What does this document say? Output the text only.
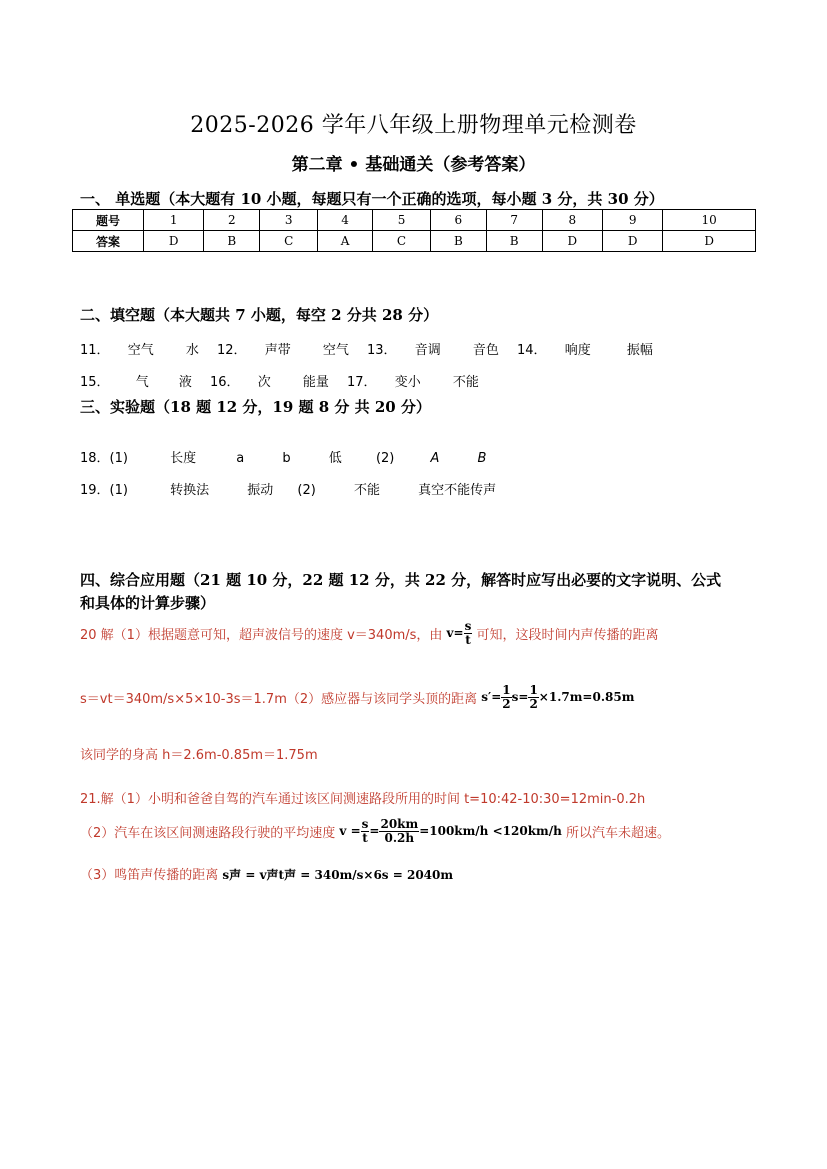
2025-2026 学年八年级上册物理单元检测卷
第二章 • 基础通关（参考答案）
一、 单选题（本大题有 10 小题，每题只有一个正确的选项，每小题 3 分，共 30 分）
题号	1	2	3	4	5	6	7	8	9	10
答案	D	B	C	A	C	B	B	D	D	D
二、填空题（本大题共 7 小题，每空 2 分共 28 分）
11． 空气 水 12． 声带 空气 13． 音调 音色 14． 响度	振幅
15． 气 液 16． 次 能量 17． 变小 不能
三、实验题（18 题 12 分，19 题 8 分 共 20 分）
18．(1)	长度	a	b	低	(2)	A	B
19．(1)	转换法	振动 (2)	不能	真空不能传声
四、综合应用题（21 题 10 分，22 题 12 分，共 22 分，解答时应写出必要的文字说明、公式
和具体的计算步骤）
20 解（1）根据题意可知，超声波信号的速度 v＝340m/s，由 $v= \frac{s}{t}$ 可知，这段时间内声传播的距离
s＝vt＝340m/s×5×10-3s＝1.7m（2）感应器与该同学头顶的距离 $s'= \frac{1}{2} s= \frac{1}{2} \times 1.7m=0.85m$
该同学的身高 h＝2.6m-0.85m＝1.75m
21.解（1）小明和爸爸自驾的汽车通过该区间测速路段所用的时间 t=10:42-10:30=12min-0.2h
（2）汽车在该区间测速路段行驶的平均速度 $v = \frac{s}{t} = \frac{20km}{0.2h} =100km/h <120km/h$ 所以汽车未超速。
（3）鸣笛声传播的距离 s声 = v声t声 = 340m/s×6s = 2040m
